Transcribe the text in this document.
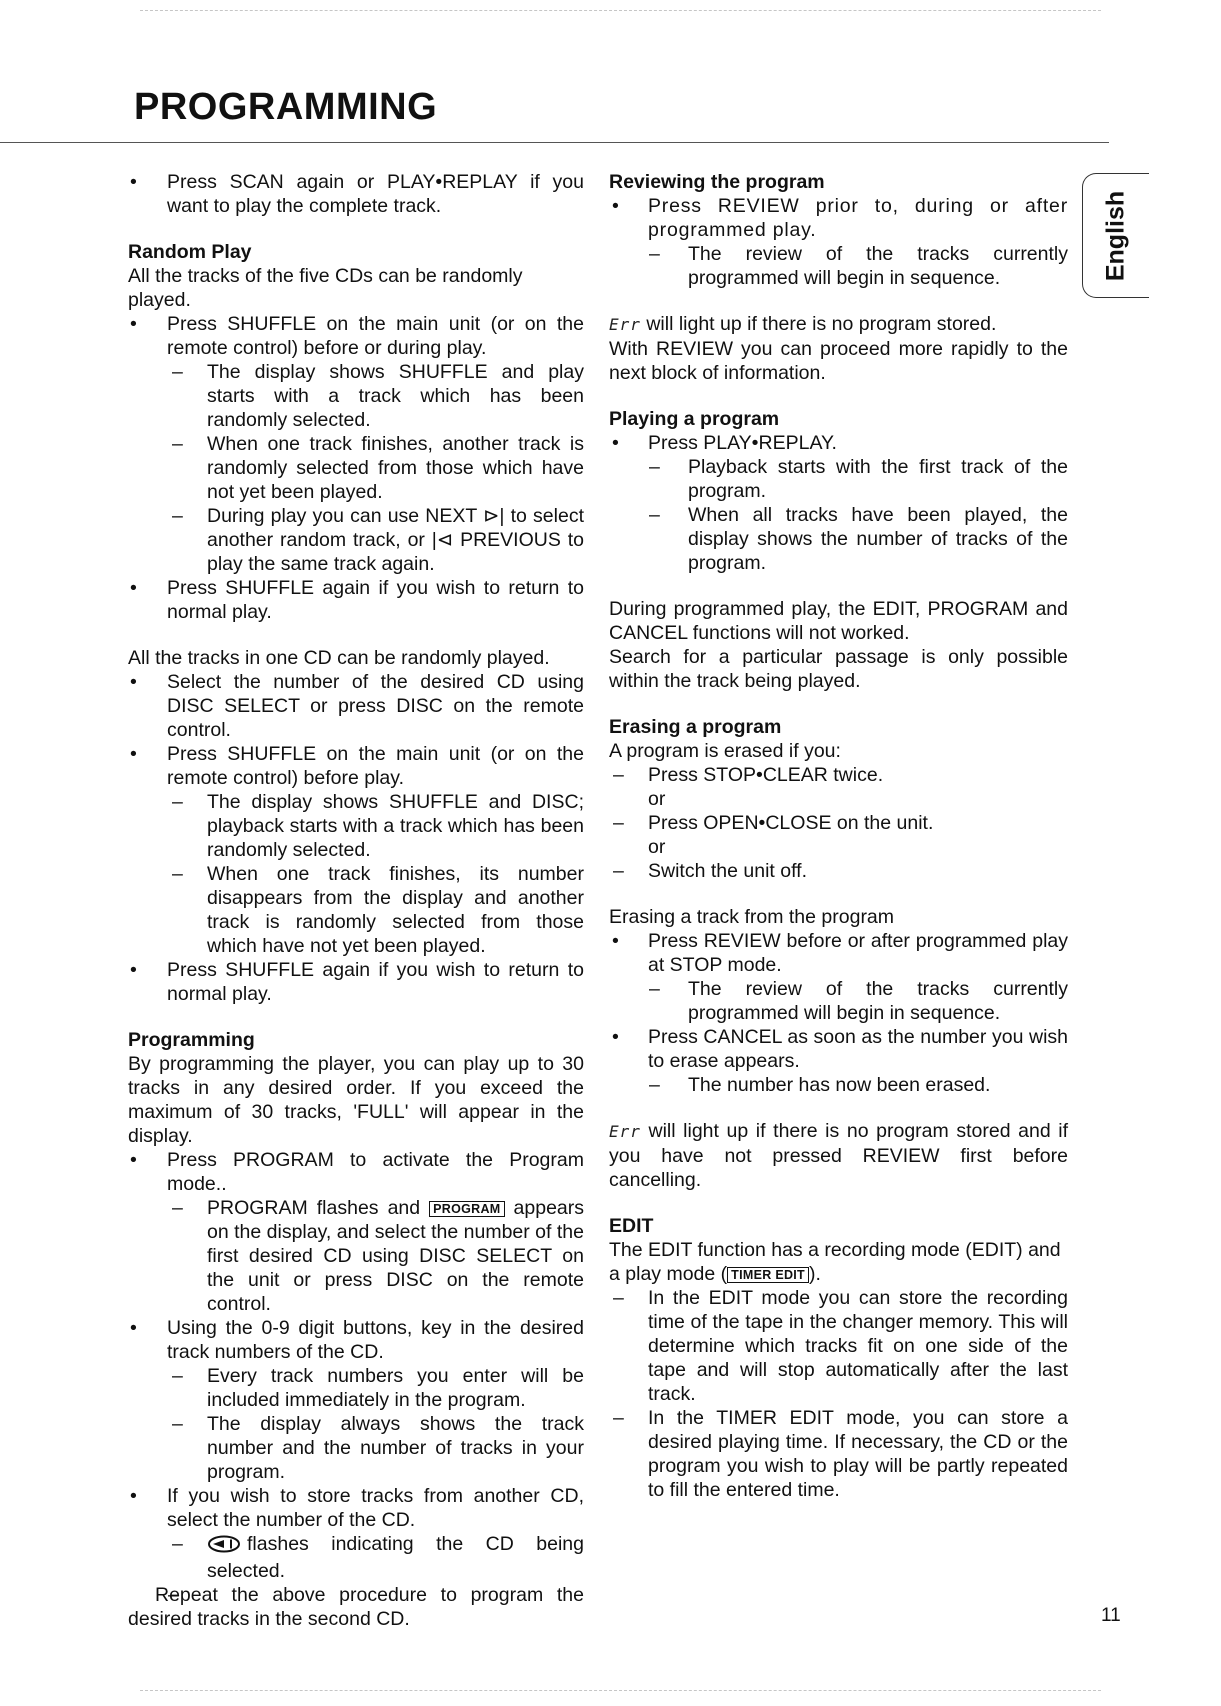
PROGRAMMING

• Press SCAN again or PLAY•REPLAY if you want to play the complete track.

Random Play

All the tracks of the five CDs can be randomly played.

• Press SHUFFLE on the main unit (or on the remote control) before or during play.

– The display shows SHUFFLE and play starts with a track which has been randomly selected.

– When one track finishes, another track is randomly selected from those which have not yet been played.

– During play you can use NEXT ⊳| to select another random track, or |⊲ PREVIOUS to play the same track again.

• Press SHUFFLE again if you wish to return to normal play.

All the tracks in one CD can be randomly played.

• Select the number of the desired CD using DISC SELECT or press DISC on the remote control.

• Press SHUFFLE on the main unit (or on the remote control) before play.

– The display shows SHUFFLE and DISC; playback starts with a track which has been randomly selected.

– When one track finishes, its number disappears from the display and another track is randomly selected from those which have not yet been played.

• Press SHUFFLE again if you wish to return to normal play.

Programming

By programming the player, you can play up to 30 tracks in any desired order. If you exceed the maximum of 30 tracks, 'FULL' will appear in the display.

• Press PROGRAM to activate the Program mode..

– PROGRAM flashes and PROGRAM appears on the display, and select the number of the first desired CD using DISC SELECT on the unit or press DISC on the remote control.

• Using the 0-9 digit buttons, key in the desired track numbers of the CD.

– Every track numbers you enter will be included immediately in the program.

– The display always shows the track number and the number of tracks in your program.

• If you wish to store tracks from another CD, select the number of the CD.

– flashes indicating the CD being selected.

– Repeat the above procedure to program the desired tracks in the second CD.

Reviewing the program

• Press REVIEW prior to, during or after programmed play.

– The review of the tracks currently programmed will begin in sequence.

Err will light up if there is no program stored.

With REVIEW you can proceed more rapidly to the next block of information.

Playing a program

• Press PLAY•REPLAY.

– Playback starts with the first track of the program.

– When all tracks have been played, the display shows the number of tracks of the program.

During programmed play, the EDIT, PROGRAM and CANCEL functions will not worked.

Search for a particular passage is only possible within the track being played.

Erasing a program

A program is erased if you:

– Press STOP•CLEAR twice.

or

– Press OPEN•CLOSE on the unit.

or

– Switch the unit off.

Erasing a track from the program

• Press REVIEW before or after programmed play at STOP mode.

– The review of the tracks currently programmed will begin in sequence.

• Press CANCEL as soon as the number you wish to erase appears.

– The number has now been erased.

Err will light up if there is no program stored and if you have not pressed REVIEW first before cancelling.

EDIT

The EDIT function has a recording mode (EDIT) and a play mode ( TIMER EDIT ).

– In the EDIT mode you can store the recording time of the tape in the changer memory. This will determine which tracks fit on one side of the tape and will stop automatically after the last track.

– In the TIMER EDIT mode, you can store a desired playing time. If necessary, the CD or the program you wish to play will be partly repeated to fill the entered time.

English
11
